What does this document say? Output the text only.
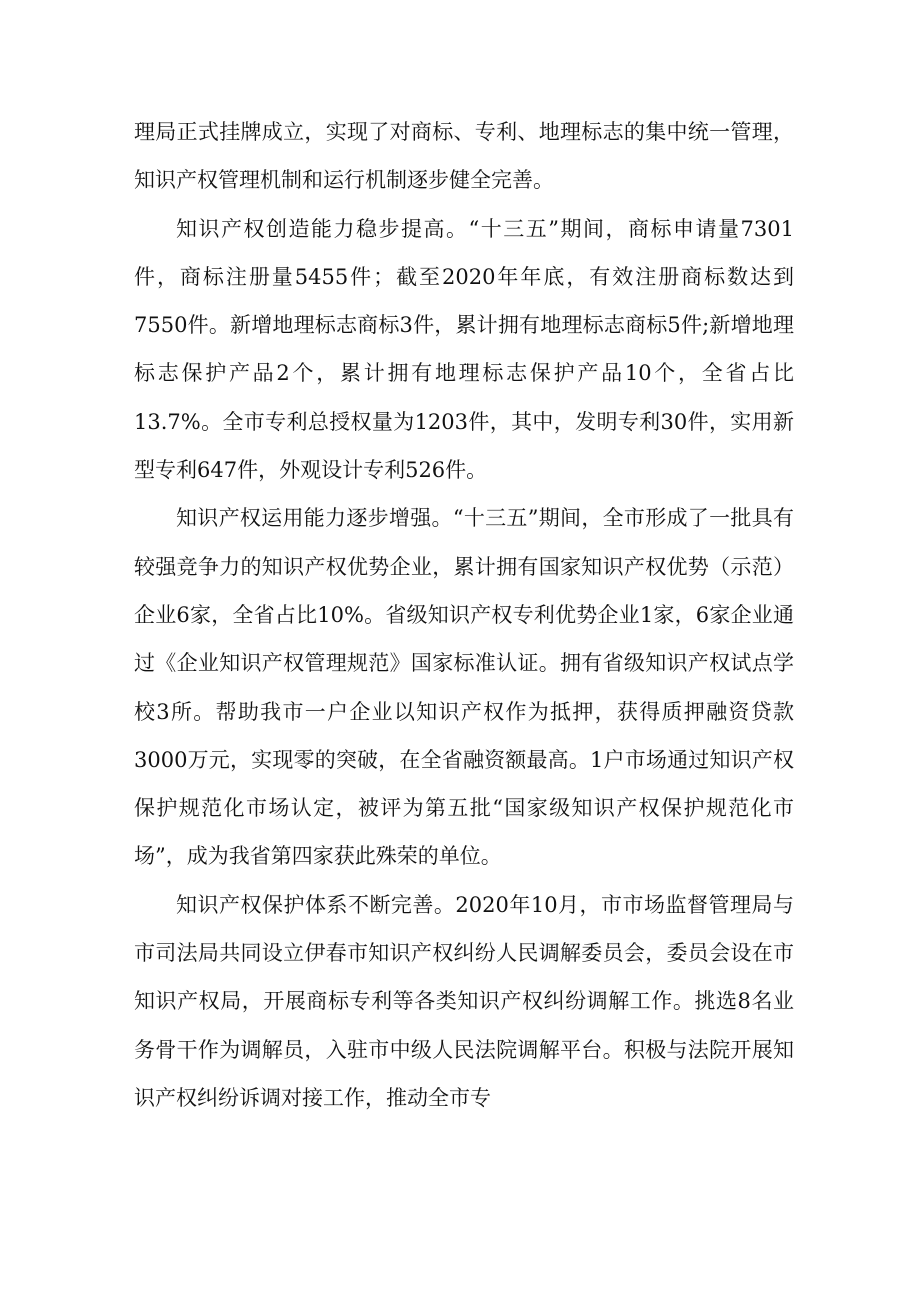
理局正式挂牌成立，实现了对商标、专利、地理标志的集中统一管理，知识产权管理机制和运行机制逐步健全完善。

知识产权创造能力稳步提高。“十三五”期间，商标申请量7301件，商标注册量5455件；截至2020年年底，有效注册商标数达到7550件。新增地理标志商标3件，累计拥有地理标志商标5件;新增地理标志保护产品2个，累计拥有地理标志保护产品10个，全省占比13.7%。全市专利总授权量为1203件，其中，发明专利30件，实用新型专利647件，外观设计专利526件。

知识产权运用能力逐步增强。“十三五”期间，全市形成了一批具有较强竞争力的知识产权优势企业，累计拥有国家知识产权优势（示范）企业6家，全省占比10%。省级知识产权专利优势企业1家，6家企业通过《企业知识产权管理规范》国家标准认证。拥有省级知识产权试点学校3所。帮助我市一户企业以知识产权作为抵押，获得质押融资贷款3000万元，实现零的突破，在全省融资额最高。1户市场通过知识产权保护规范化市场认定，被评为第五批“国家级知识产权保护规范化市场”，成为我省第四家获此殊荣的单位。

知识产权保护体系不断完善。2020年10月，市市场监督管理局与市司法局共同设立伊春市知识产权纠纷人民调解委员会，委员会设在市知识产权局，开展商标专利等各类知识产权纠纷调解工作。挑选8名业务骨干作为调解员，入驻市中级人民法院调解平台。积极与法院开展知识产权纠纷诉调对接工作，推动全市专
